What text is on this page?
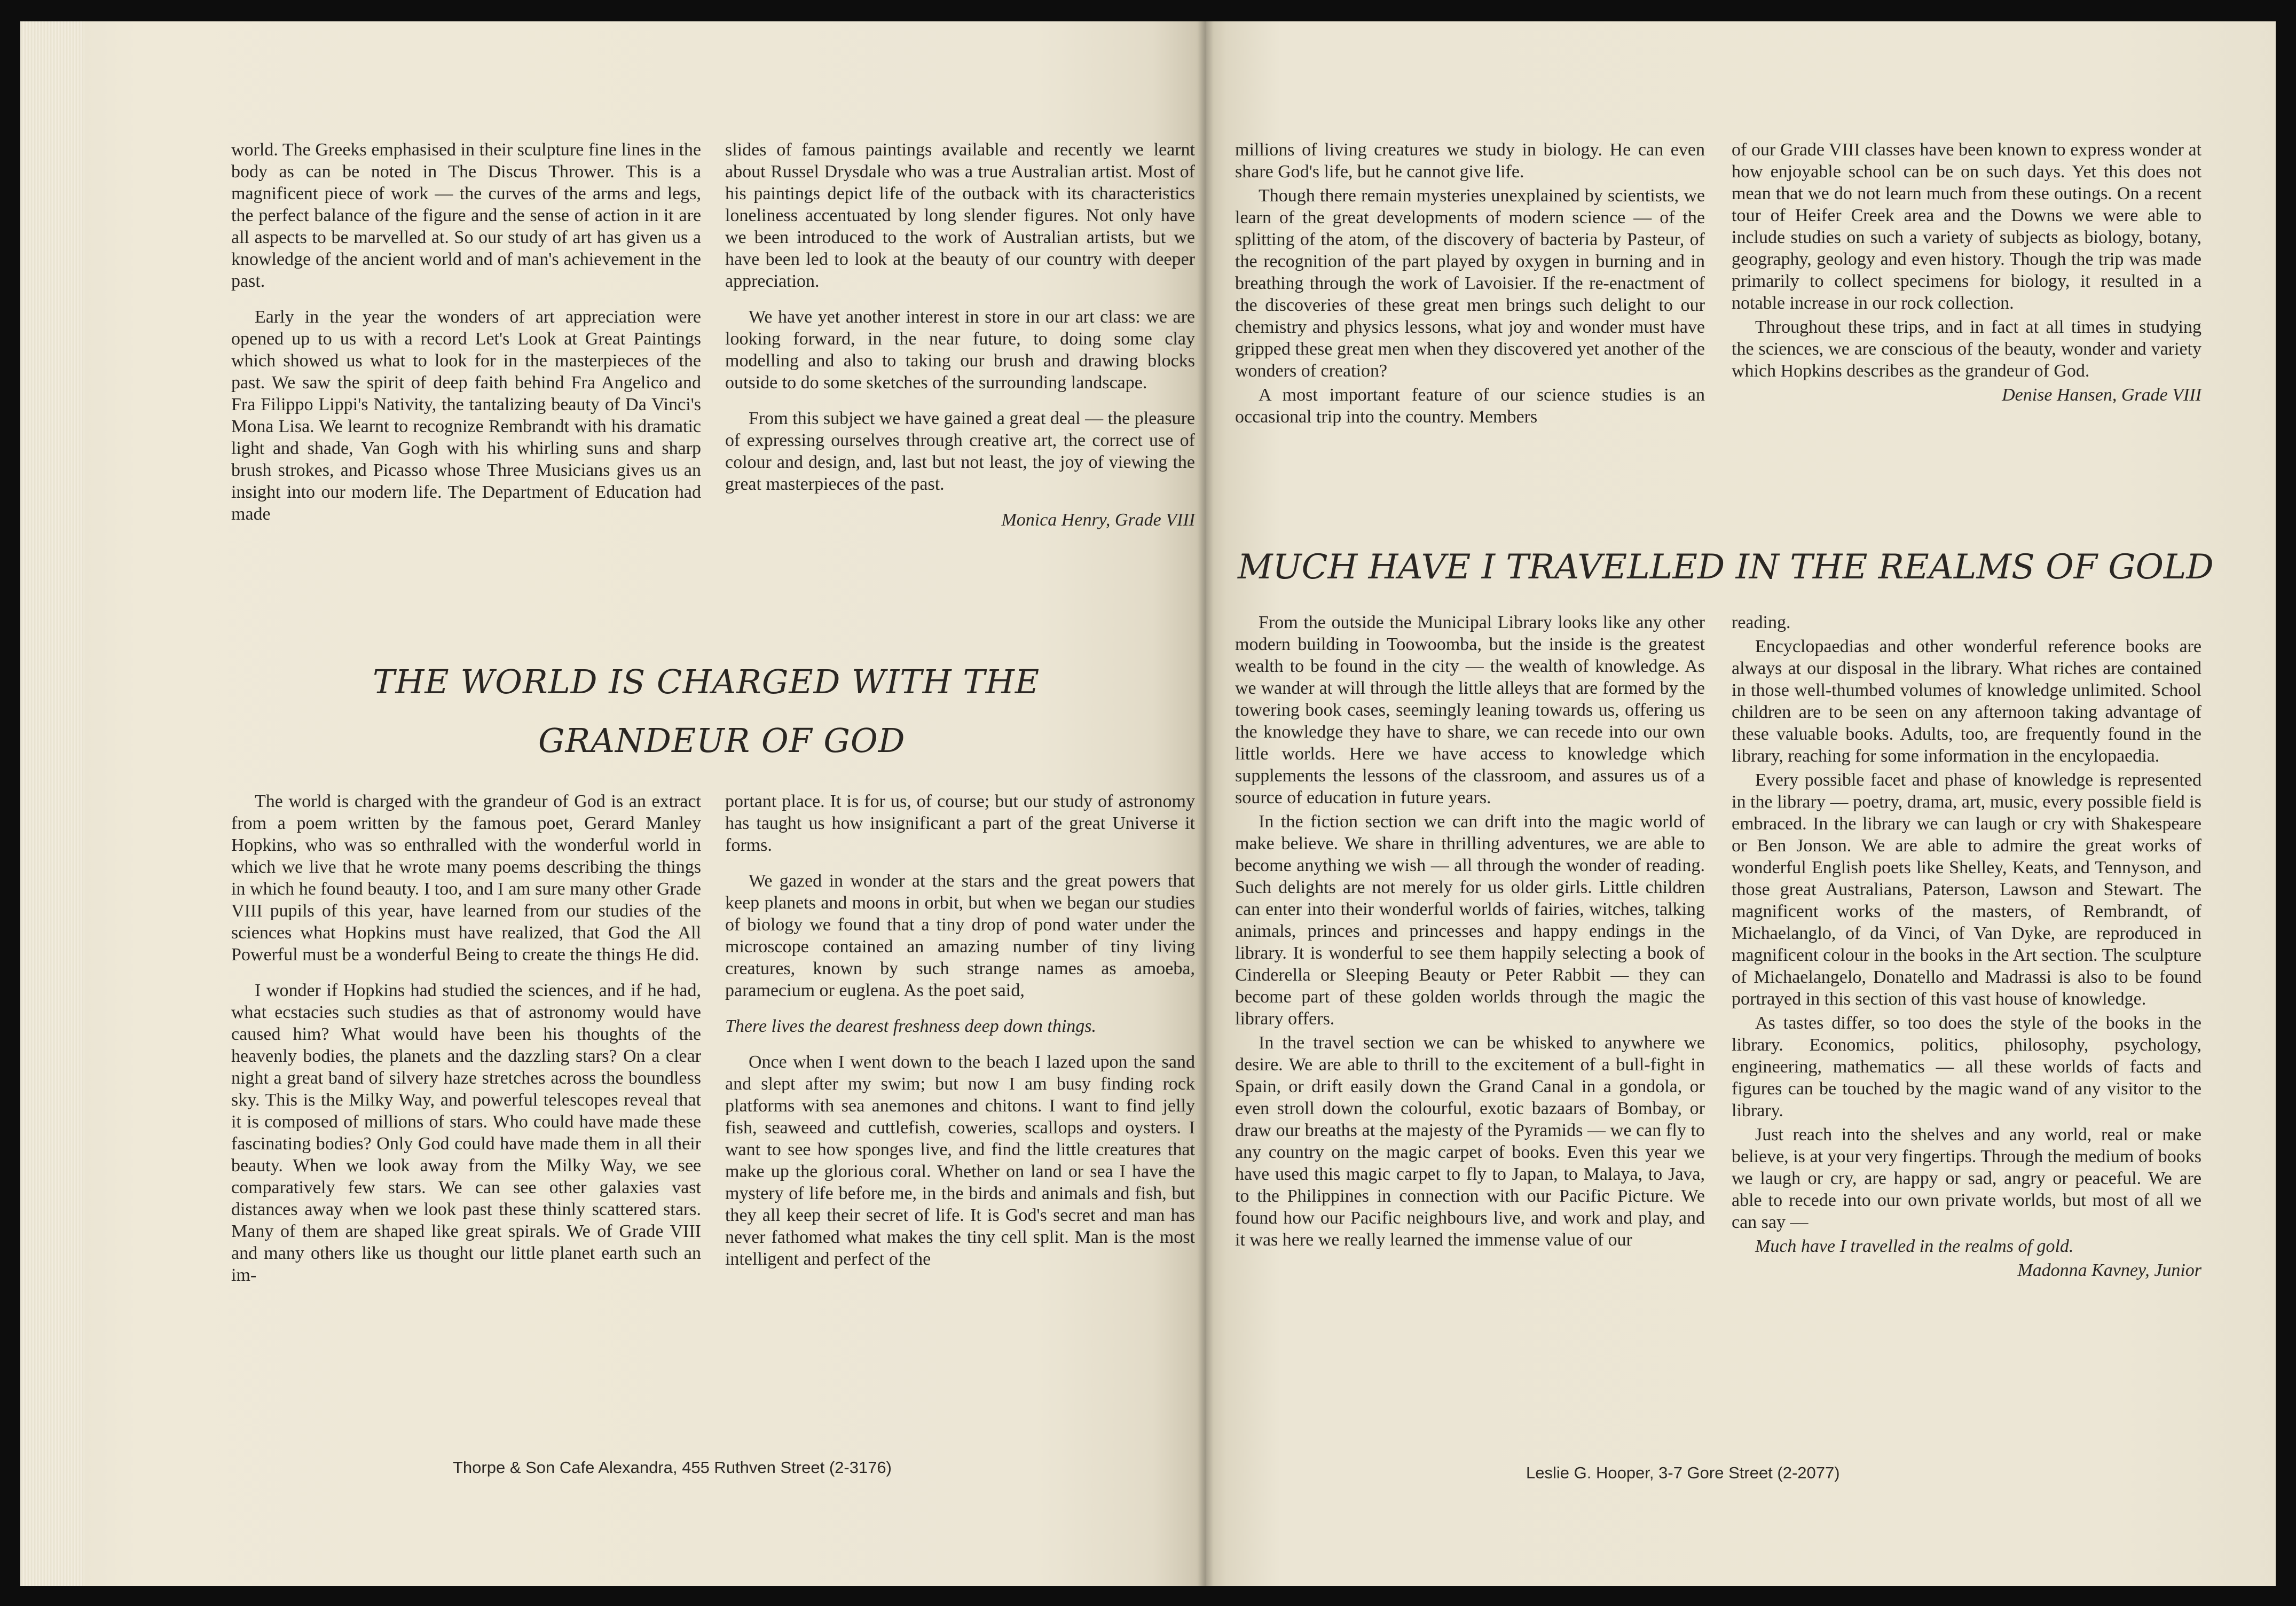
world. The Greeks emphasised in their sculpture fine lines in the body as can be noted in The Discus Thrower. This is a magnificent piece of work — the curves of the arms and legs, the perfect balance of the figure and the sense of action in it are all aspects to be marvelled at. So our study of art has given us a knowledge of the ancient world and of man's achievement in the past.

Early in the year the wonders of art appreciation were opened up to us with a record Let's Look at Great Paintings which showed us what to look for in the masterpieces of the past. We saw the spirit of deep faith behind Fra Angelico and Fra Filippo Lippi's Nativity, the tantalizing beauty of Da Vinci's Mona Lisa. We learnt to recognize Rembrandt with his dramatic light and shade, Van Gogh with his whirling suns and sharp brush strokes, and Picasso whose Three Musicians gives us an insight into our modern life. The Department of Education had made

slides of famous paintings available and recently we learnt about Russel Drysdale who was a true Australian artist. Most of his paintings depict life of the outback with its characteristics loneliness accentuated by long slender figures. Not only have we been introduced to the work of Australian artists, but we have been led to look at the beauty of our country with deeper appreciation.

We have yet another interest in store in our art class: we are looking forward, in the near future, to doing some clay modelling and also to taking our brush and drawing blocks outside to do some sketches of the surrounding landscape.

From this subject we have gained a great deal — the pleasure of expressing ourselves through creative art, the correct use of colour and design, and, last but not least, the joy of viewing the great masterpieces of the past.

Monica Henry, Grade VIII

THE WORLD IS CHARGED WITH THE
GRANDEUR OF GOD

The world is charged with the grandeur of God is an extract from a poem written by the famous poet, Gerard Manley Hopkins, who was so enthralled with the wonderful world in which we live that he wrote many poems describing the things in which he found beauty. I too, and I am sure many other Grade VIII pupils of this year, have learned from our studies of the sciences what Hopkins must have realized, that God the All Powerful must be a wonderful Being to create the things He did.

I wonder if Hopkins had studied the sciences, and if he had, what ecstacies such studies as that of astronomy would have caused him? What would have been his thoughts of the heavenly bodies, the planets and the dazzling stars? On a clear night a great band of silvery haze stretches across the boundless sky. This is the Milky Way, and powerful telescopes reveal that it is composed of millions of stars. Who could have made these fascinating bodies? Only God could have made them in all their beauty. When we look away from the Milky Way, we see comparatively few stars. We can see other galaxies vast distances away when we look past these thinly scattered stars. Many of them are shaped like great spirals. We of Grade VIII and many others like us thought our little planet earth such an im-

portant place. It is for us, of course; but our study of astronomy has taught us how insignificant a part of the great Universe it forms.

We gazed in wonder at the stars and the great powers that keep planets and moons in orbit, but when we began our studies of biology we found that a tiny drop of pond water under the microscope contained an amazing number of tiny living creatures, known by such strange names as amoeba, paramecium or euglena. As the poet said,

There lives the dearest freshness deep down things.

Once when I went down to the beach I lazed upon the sand and slept after my swim; but now I am busy finding rock platforms with sea anemones and chitons. I want to find jelly fish, seaweed and cuttlefish, coweries, scallops and oysters. I want to see how sponges live, and find the little creatures that make up the glorious coral. Whether on land or sea I have the mystery of life before me, in the birds and animals and fish, but they all keep their secret of life. It is God's secret and man has never fathomed what makes the tiny cell split. Man is the most intelligent and perfect of the

Thorpe & Son Cafe Alexandra, 455 Ruthven Street (2-3176)

millions of living creatures we study in biology. He can even share God's life, but he cannot give life.

Though there remain mysteries unexplained by scientists, we learn of the great developments of modern science — of the splitting of the atom, of the discovery of bacteria by Pasteur, of the recognition of the part played by oxygen in burning and in breathing through the work of Lavoisier. If the re-enactment of the discoveries of these great men brings such delight to our chemistry and physics lessons, what joy and wonder must have gripped these great men when they discovered yet another of the wonders of creation?

A most important feature of our science studies is an occasional trip into the country. Members

of our Grade VIII classes have been known to express wonder at how enjoyable school can be on such days. Yet this does not mean that we do not learn much from these outings. On a recent tour of Heifer Creek area and the Downs we were able to include studies on such a variety of subjects as biology, botany, geography, geology and even history. Though the trip was made primarily to collect specimens for biology, it resulted in a notable increase in our rock collection.

Throughout these trips, and in fact at all times in studying the sciences, we are conscious of the beauty, wonder and variety which Hopkins describes as the grandeur of God.

Denise Hansen, Grade VIII

MUCH HAVE I TRAVELLED IN THE REALMS OF GOLD

From the outside the Municipal Library looks like any other modern building in Toowoomba, but the inside is the greatest wealth to be found in the city — the wealth of knowledge. As we wander at will through the little alleys that are formed by the towering book cases, seemingly leaning towards us, offering us the knowledge they have to share, we can recede into our own little worlds. Here we have access to knowledge which supplements the lessons of the classroom, and assures us of a source of education in future years.

In the fiction section we can drift into the magic world of make believe. We share in thrilling adventures, we are able to become anything we wish — all through the wonder of reading. Such delights are not merely for us older girls. Little children can enter into their wonderful worlds of fairies, witches, talking animals, princes and princesses and happy endings in the library. It is wonderful to see them happily selecting a book of Cinderella or Sleeping Beauty or Peter Rabbit — they can become part of these golden worlds through the magic the library offers.

In the travel section we can be whisked to anywhere we desire. We are able to thrill to the excitement of a bull-fight in Spain, or drift easily down the Grand Canal in a gondola, or even stroll down the colourful, exotic bazaars of Bombay, or draw our breaths at the majesty of the Pyramids — we can fly to any country on the magic carpet of books. Even this year we have used this magic carpet to fly to Japan, to Malaya, to Java, to the Philippines in connection with our Pacific Picture. We found how our Pacific neighbours live, and work and play, and it was here we really learned the immense value of our

reading.

Encyclopaedias and other wonderful reference books are always at our disposal in the library. What riches are contained in those well-thumbed volumes of knowledge unlimited. School children are to be seen on any afternoon taking advantage of these valuable books. Adults, too, are frequently found in the library, reaching for some information in the encylopaedia.

Every possible facet and phase of knowledge is represented in the library — poetry, drama, art, music, every possible field is embraced. In the library we can laugh or cry with Shakespeare or Ben Jonson. We are able to admire the great works of wonderful English poets like Shelley, Keats, and Tennyson, and those great Australians, Paterson, Lawson and Stewart. The magnificent works of the masters, of Rembrandt, of Michaelanglo, of da Vinci, of Van Dyke, are reproduced in magnificent colour in the books in the Art section. The sculpture of Michaelangelo, Donatello and Madrassi is also to be found portrayed in this section of this vast house of knowledge.

As tastes differ, so too does the style of the books in the library. Economics, politics, philosophy, psychology, engineering, mathematics — all these worlds of facts and figures can be touched by the magic wand of any visitor to the library.

Just reach into the shelves and any world, real or make believe, is at your very fingertips. Through the medium of books we laugh or cry, are happy or sad, angry or peaceful. We are able to recede into our own private worlds, but most of all we can say —

Much have I travelled in the realms of gold.

Madonna Kavney, Junior

Leslie G. Hooper, 3-7 Gore Street (2-2077)
